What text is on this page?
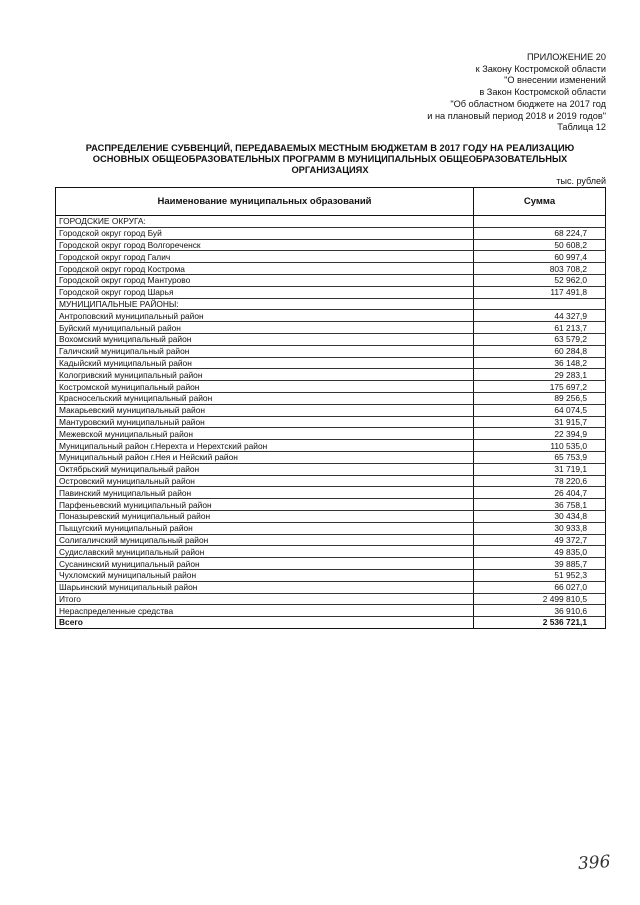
ПРИЛОЖЕНИЕ 20
к Закону Костромской области
"О внесении изменений
в Закон Костромской области
"Об областном бюджете на 2017 год
и на плановый период 2018 и 2019 годов"
Таблица 12
РАСПРЕДЕЛЕНИЕ СУБВЕНЦИЙ, ПЕРЕДАВАЕМЫХ МЕСТНЫМ БЮДЖЕТАМ В 2017 ГОДУ НА РЕАЛИЗАЦИЮ ОСНОВНЫХ ОБЩЕОБРАЗОВАТЕЛЬНЫХ ПРОГРАММ В МУНИЦИПАЛЬНЫХ ОБЩЕОБРАЗОВАТЕЛЬНЫХ ОРГАНИЗАЦИЯХ
тыс. рублей
Наименование муниципальных образований	Сумма
ГОРОДСКИЕ ОКРУГА:	
Городской округ город Буй	68 224,7
Городской округ город Волгореченск	50 608,2
Городской округ город Галич	60 997,4
Городской округ город Кострома	803 708,2
Городской округ город Мантурово	52 962,0
Городской округ город Шарья	117 491,8
МУНИЦИПАЛЬНЫЕ РАЙОНЫ:	
Антроповский муниципальный район	44 327,9
Буйский муниципальный район	61 213,7
Вохомский муниципальный район	63 579,2
Галичский муниципальный район	60 284,8
Кадыйский муниципальный район	36 148,2
Кологривский муниципальный район	29 283,1
Костромской муниципальный район	175 697,2
Красносельский муниципальный район	89 256,5
Макарьевский муниципальный район	64 074,5
Мантуровский муниципальный район	31 915,7
Межевской муниципальный район	22 394,9
Муниципальный район г.Нерехта и Нерехтский район	110 535,0
Муниципальный район г.Нея и Нейский район	65 753,9
Октябрьский муниципальный район	31 719,1
Островский муниципальный район	78 220,6
Павинский муниципальный район	26 404,7
Парфеньевский муниципальный район	36 758,1
Поназыревский муниципальный район	30 434,8
Пыщугский муниципальный район	30 933,8
Солигаличский муниципальный район	49 372,7
Судиславский муниципальный район	49 835,0
Сусанинский муниципальный район	39 885,7
Чухломский муниципальный район	51 952,3
Шарьинский муниципальный район	66 027,0
Итого	2 499 810,5
Нераспределенные средства	36 910,6
Всего	2 536 721,1
396
